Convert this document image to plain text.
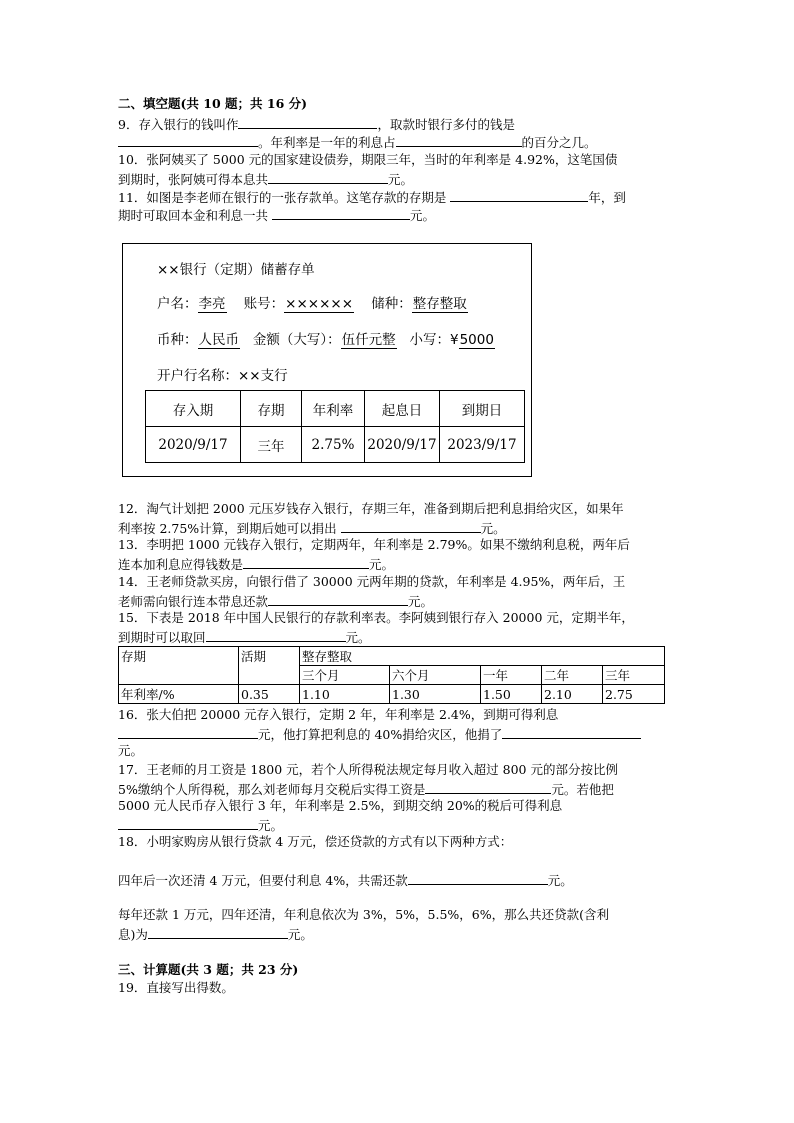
二、填空题(共 10 题；共 16 分)
9．存入银行的钱叫作	，取款时银行多付的钱是
。年利率是一年的利息占	的百分之几。
10．张阿姨买了 5000 元的国家建设债券，期限三年，当时的年利率是 4.92%，这笔国债
到期时，张阿姨可得本息共	元。
11．如图是李老师在银行的一张存款单。这笔存款的存期是	年，到
期时可取回本金和利息一共	元。
××银行（定期）储蓄存单
户名：李亮 账号：×××××× 储种：整存整取
币种：人民币 金额（大写）：伍仟元整 小写：¥5000
开户行名称：××支行
存入期	存期	年利率	起息日	到期日
2020/9/17	三年	2.75%	2020/9/17	2023/9/17
12．淘气计划把 2000 元压岁钱存入银行，存期三年，准备到期后把利息捐给灾区，如果年
利率按 2.75%计算，到期后她可以捐出	元。
13．李明把 1000 元钱存入银行，定期两年，年利率是 2.79%。如果不缴纳利息税，两年后
连本加利息应得钱数是	元。
14．王老师贷款买房，向银行借了 30000 元两年期的贷款，年利率是 4.95%，两年后，王
老师需向银行连本带息还款	元。
15．下表是 2018 年中国人民银行的存款利率表。李阿姨到银行存入 20000 元，定期半年，
到期时可以取回	元。
存期	活期	整存整取				
		三个月	六个月	一年	二年	三年
年利率/%	0.35	1.10	1.30	1.50	2.10	2.75
16．张大伯把 20000 元存入银行，定期 2 年，年利率是 2.4%，到期可得利息
元，他打算把利息的 40%捐给灾区，他捐了
元。
17．王老师的月工资是 1800 元，若个人所得税法规定每月收入超过 800 元的部分按比例
5%缴纳个人所得税，那么刘老师每月交税后实得工资是	元。若他把
5000 元人民币存入银行 3 年，年利率是 2.5%，到期交纳 20%的税后可得利息
元。
18．小明家购房从银行贷款 4 万元，偿还贷款的方式有以下两种方式：
四年后一次还清 4 万元，但要付利息 4%，共需还款	元。
每年还款 1 万元，四年还清，年利息依次为 3%，5%，5.5%，6%，那么共还贷款(含利
息)为	元。
三、计算题(共 3 题；共 23 分)
19．直接写出得数。
